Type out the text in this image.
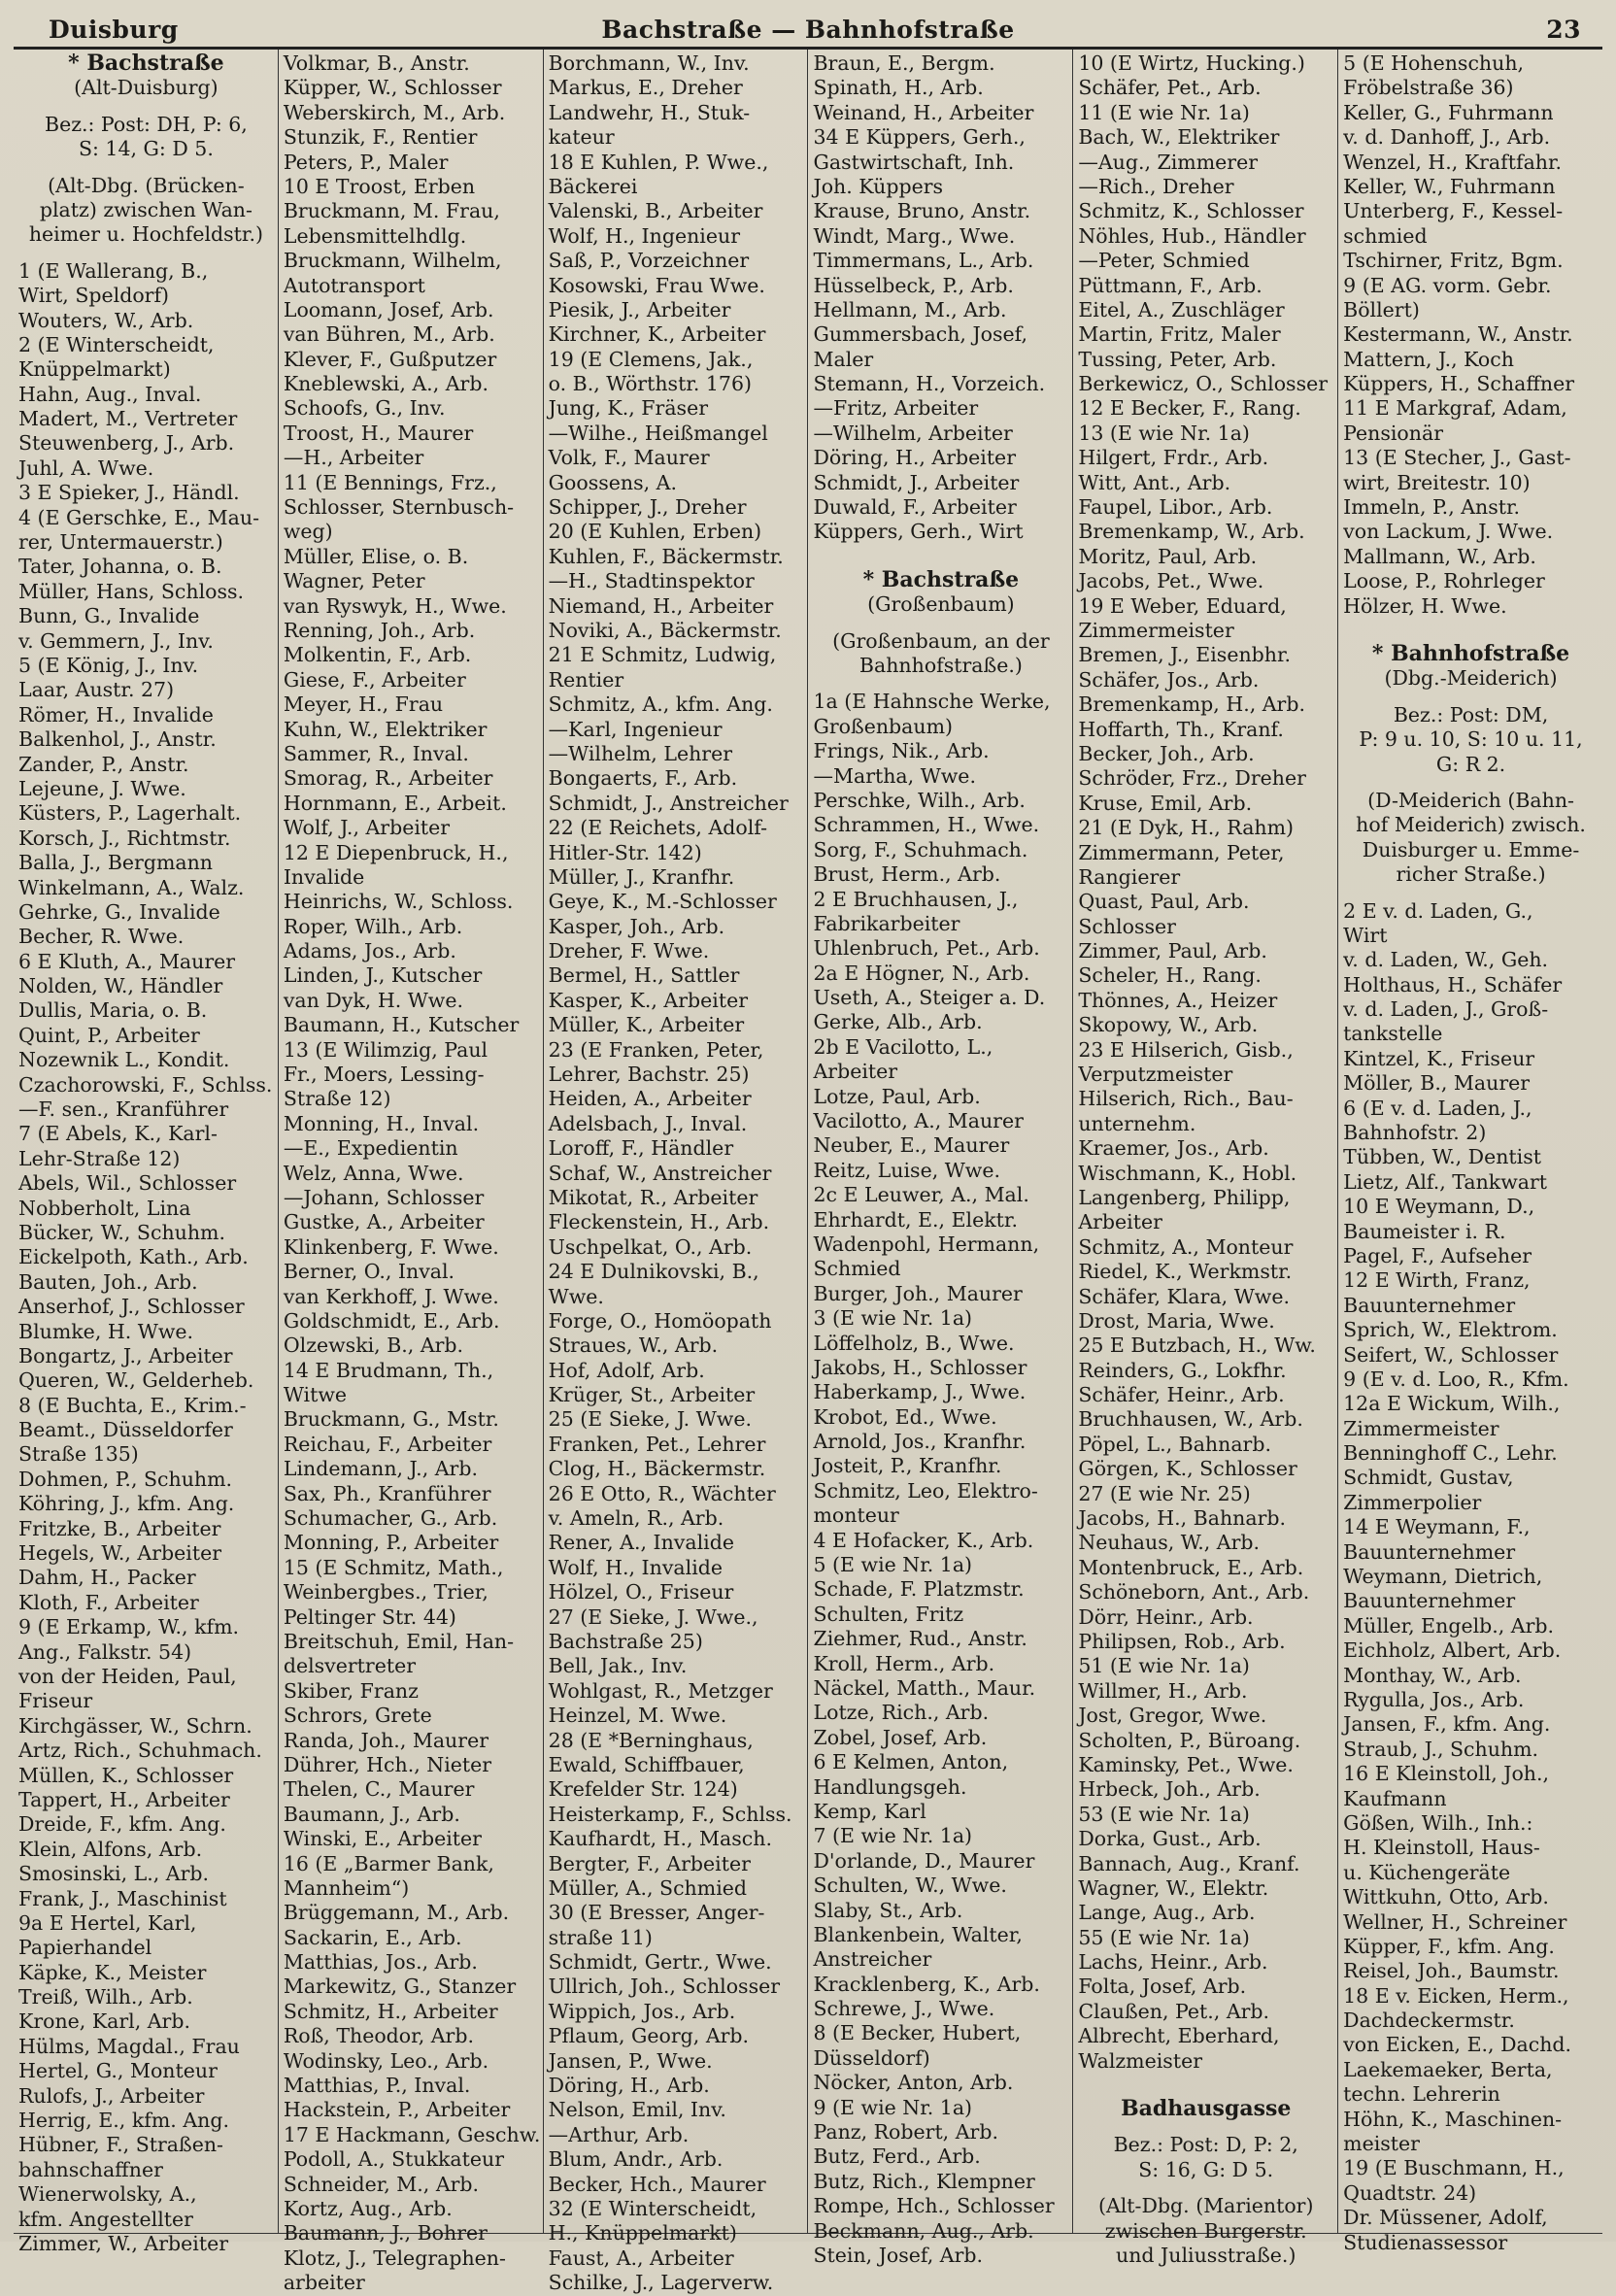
Duisburg	Bachstraße — Bahnhofstraße	23
* Bachstraße
(Alt-Duisburg)
Bez.: Post: DH, P: 6,
S: 14, G: D 5.
(Alt-Dbg. (Brücken-
platz) zwischen Wan-
heimer u. Hochfeldstr.)
1 (E Wallerang, B.,
Wirt, Speldorf)
Wouters, W., Arb.
2 (E Winterscheidt,
Knüppelmarkt)
Hahn, Aug., Inval.
Madert, M., Vertreter
Steuwenberg, J., Arb.
Juhl, A. Wwe.
3 E Spieker, J., Händl.
4 (E Gerschke, E., Mau-
rer, Untermauerstr.)
Tater, Johanna, o. B.
Müller, Hans, Schloss.
Bunn, G., Invalide
v. Gemmern, J., Inv.
5 (E König, J., Inv.
Laar, Austr. 27)
Römer, H., Invalide
Balkenhol, J., Anstr.
Zander, P., Anstr.
Lejeune, J. Wwe.
Küsters, P., Lagerhalt.
Korsch, J., Richtmstr.
Balla, J., Bergmann
Winkelmann, A., Walz.
Gehrke, G., Invalide
Becher, R. Wwe.
6 E Kluth, A., Maurer
Nolden, W., Händler
Dullis, Maria, o. B.
Quint, P., Arbeiter
Nozewnik L., Kondit.
Czachorowski, F., Schlss.
—F. sen., Kranführer
7 (E Abels, K., Karl-
Lehr-Straße 12)
Abels, Wil., Schlosser
Nobberholt, Lina
Bücker, W., Schuhm.
Eickelpoth, Kath., Arb.
Bauten, Joh., Arb.
Anserhof, J., Schlosser
Blumke, H. Wwe.
Bongartz, J., Arbeiter
Queren, W., Gelderheb.
8 (E Buchta, E., Krim.-
Beamt., Düsseldorfer
Straße 135)
Dohmen, P., Schuhm.
Köhring, J., kfm. Ang.
Fritzke, B., Arbeiter
Hegels, W., Arbeiter
Dahm, H., Packer
Kloth, F., Arbeiter
9 (E Erkamp, W., kfm.
Ang., Falkstr. 54)
von der Heiden, Paul,
Friseur
Kirchgässer, W., Schrn.
Artz, Rich., Schuhmach.
Müllen, K., Schlosser
Tappert, H., Arbeiter
Dreide, F., kfm. Ang.
Klein, Alfons, Arb.
Smosinski, L., Arb.
Frank, J., Maschinist
9a E Hertel, Karl,
Papierhandel
Käpke, K., Meister
Treiß, Wilh., Arb.
Krone, Karl, Arb.
Hülms, Magdal., Frau
Hertel, G., Monteur
Rulofs, J., Arbeiter
Herrig, E., kfm. Ang.
Hübner, F., Straßen-
bahnschaffner
Wienerwolsky, A.,
kfm. Angestellter
Zimmer, W., Arbeiter
Volkmar, B., Anstr.
Küpper, W., Schlosser
Weberskirch, M., Arb.
Stunzik, F., Rentier
Peters, P., Maler
10 E Troost, Erben
Bruckmann, M. Frau,
Lebensmittelhdlg.
Bruckmann, Wilhelm,
Autotransport
Loomann, Josef, Arb.
van Bühren, M., Arb.
Klever, F., Gußputzer
Kneblewski, A., Arb.
Schoofs, G., Inv.
Troost, H., Maurer
—H., Arbeiter
11 (E Bennings, Frz.,
Schlosser, Sternbusch-
weg)
Müller, Elise, o. B.
Wagner, Peter
van Ryswyk, H., Wwe.
Renning, Joh., Arb.
Molkentin, F., Arb.
Giese, F., Arbeiter
Meyer, H., Frau
Kuhn, W., Elektriker
Sammer, R., Inval.
Smorag, R., Arbeiter
Hornmann, E., Arbeit.
Wolf, J., Arbeiter
12 E Diepenbruck, H.,
Invalide
Heinrichs, W., Schloss.
Roper, Wilh., Arb.
Adams, Jos., Arb.
Linden, J., Kutscher
van Dyk, H. Wwe.
Baumann, H., Kutscher
13 (E Wilimzig, Paul
Fr., Moers, Lessing-
Straße 12)
Monning, H., Inval.
—E., Expedientin
Welz, Anna, Wwe.
—Johann, Schlosser
Gustke, A., Arbeiter
Klinkenberg, F. Wwe.
Berner, O., Inval.
van Kerkhoff, J. Wwe.
Goldschmidt, E., Arb.
Olzewski, B., Arb.
14 E Brudmann, Th.,
Witwe
Bruckmann, G., Mstr.
Reichau, F., Arbeiter
Lindemann, J., Arb.
Sax, Ph., Kranführer
Schumacher, G., Arb.
Monning, P., Arbeiter
15 (E Schmitz, Math.,
Weinbergbes., Trier,
Peltinger Str. 44)
Breitschuh, Emil, Han-
delsvertreter
Skiber, Franz
Schrors, Grete
Randa, Joh., Maurer
Dührer, Hch., Nieter
Thelen, C., Maurer
Baumann, J., Arb.
Winski, E., Arbeiter
16 (E „Barmer Bank,
Mannheim“)
Brüggemann, M., Arb.
Sackarin, E., Arb.
Matthias, Jos., Arb.
Markewitz, G., Stanzer
Schmitz, H., Arbeiter
Roß, Theodor, Arb.
Wodinsky, Leo., Arb.
Matthias, P., Inval.
Hackstein, P., Arbeiter
17 E Hackmann, Geschw.
Podoll, A., Stukkateur
Schneider, M., Arb.
Kortz, Aug., Arb.
Baumann, J., Bohrer
Klotz, J., Telegraphen-
arbeiter
Borchmann, W., Inv.
Markus, E., Dreher
Landwehr, H., Stuk-
kateur
18 E Kuhlen, P. Wwe.,
Bäckerei
Valenski, B., Arbeiter
Wolf, H., Ingenieur
Saß, P., Vorzeichner
Kosowski, Frau Wwe.
Piesik, J., Arbeiter
Kirchner, K., Arbeiter
19 (E Clemens, Jak.,
o. B., Wörthstr. 176)
Jung, K., Fräser
—Wilhe., Heißmangel
Volk, F., Maurer
Goossens, A.
Schipper, J., Dreher
20 (E Kuhlen, Erben)
Kuhlen, F., Bäckermstr.
—H., Stadtinspektor
Niemand, H., Arbeiter
Noviki, A., Bäckermstr.
21 E Schmitz, Ludwig,
Rentier
Schmitz, A., kfm. Ang.
—Karl, Ingenieur
—Wilhelm, Lehrer
Bongaerts, F., Arb.
Schmidt, J., Anstreicher
22 (E Reichets, Adolf-
Hitler-Str. 142)
Müller, J., Kranfhr.
Geye, K., M.-Schlosser
Kasper, Joh., Arb.
Dreher, F. Wwe.
Bermel, H., Sattler
Kasper, K., Arbeiter
Müller, K., Arbeiter
23 (E Franken, Peter,
Lehrer, Bachstr. 25)
Heiden, A., Arbeiter
Adelsbach, J., Inval.
Loroff, F., Händler
Schaf, W., Anstreicher
Mikotat, R., Arbeiter
Fleckenstein, H., Arb.
Uschpelkat, O., Arb.
24 E Dulnikovski, B.,
Wwe.
Forge, O., Homöopath
Straues, W., Arb.
Hof, Adolf, Arb.
Krüger, St., Arbeiter
25 (E Sieke, J. Wwe.
Franken, Pet., Lehrer
Clog, H., Bäckermstr.
26 E Otto, R., Wächter
v. Ameln, R., Arb.
Rener, A., Invalide
Wolf, H., Invalide
Hölzel, O., Friseur
27 (E Sieke, J. Wwe.,
Bachstraße 25)
Bell, Jak., Inv.
Wohlgast, R., Metzger
Heinzel, M. Wwe.
28 (E *Berninghaus,
Ewald, Schiffbauer,
Krefelder Str. 124)
Heisterkamp, F., Schlss.
Kaufhardt, H., Masch.
Bergter, F., Arbeiter
Müller, A., Schmied
30 (E Bresser, Anger-
straße 11)
Schmidt, Gertr., Wwe.
Ullrich, Joh., Schlosser
Wippich, Jos., Arb.
Pflaum, Georg, Arb.
Jansen, P., Wwe.
Döring, H., Arb.
Nelson, Emil, Inv.
—Arthur, Arb.
Blum, Andr., Arb.
Becker, Hch., Maurer
32 (E Winterscheidt,
H., Knüppelmarkt)
Faust, A., Arbeiter
Schilke, J., Lagerverw.
Braun, E., Bergm.
Spinath, H., Arb.
Weinand, H., Arbeiter
34 E Küppers, Gerh.,
Gastwirtschaft, Inh.
Joh. Küppers
Krause, Bruno, Anstr.
Windt, Marg., Wwe.
Timmermans, L., Arb.
Hüsselbeck, P., Arb.
Hellmann, M., Arb.
Gummersbach, Josef,
Maler
Stemann, H., Vorzeich.
—Fritz, Arbeiter
—Wilhelm, Arbeiter
Döring, H., Arbeiter
Schmidt, J., Arbeiter
Duwald, F., Arbeiter
Küppers, Gerh., Wirt
* Bachstraße
(Großenbaum)
(Großenbaum, an der
Bahnhofstraße.)
1a (E Hahnsche Werke,
Großenbaum)
Frings, Nik., Arb.
—Martha, Wwe.
Perschke, Wilh., Arb.
Schrammen, H., Wwe.
Sorg, F., Schuhmach.
Brust, Herm., Arb.
2 E Bruchhausen, J.,
Fabrikarbeiter
Uhlenbruch, Pet., Arb.
2a E Högner, N., Arb.
Useth, A., Steiger a. D.
Gerke, Alb., Arb.
2b E Vacilotto, L.,
Arbeiter
Lotze, Paul, Arb.
Vacilotto, A., Maurer
Neuber, E., Maurer
Reitz, Luise, Wwe.
2c E Leuwer, A., Mal.
Ehrhardt, E., Elektr.
Wadenpohl, Hermann,
Schmied
Burger, Joh., Maurer
3 (E wie Nr. 1a)
Löffelholz, B., Wwe.
Jakobs, H., Schlosser
Haberkamp, J., Wwe.
Krobot, Ed., Wwe.
Arnold, Jos., Kranfhr.
Josteit, P., Kranfhr.
Schmitz, Leo, Elektro-
monteur
4 E Hofacker, K., Arb.
5 (E wie Nr. 1a)
Schade, F. Platzmstr.
Schulten, Fritz
Ziehmer, Rud., Anstr.
Kroll, Herm., Arb.
Näckel, Matth., Maur.
Lotze, Rich., Arb.
Zobel, Josef, Arb.
6 E Kelmen, Anton,
Handlungsgeh.
Kemp, Karl
7 (E wie Nr. 1a)
D'orlande, D., Maurer
Schulten, W., Wwe.
Slaby, St., Arb.
Blankenbein, Walter,
Anstreicher
Kracklenberg, K., Arb.
Schrewe, J., Wwe.
8 (E Becker, Hubert,
Düsseldorf)
Nöcker, Anton, Arb.
9 (E wie Nr. 1a)
Panz, Robert, Arb.
Butz, Ferd., Arb.
Butz, Rich., Klempner
Rompe, Hch., Schlosser
Beckmann, Aug., Arb.
Stein, Josef, Arb.
10 (E Wirtz, Hucking.)
Schäfer, Pet., Arb.
11 (E wie Nr. 1a)
Bach, W., Elektriker
—Aug., Zimmerer
—Rich., Dreher
Schmitz, K., Schlosser
Nöhles, Hub., Händler
—Peter, Schmied
Püttmann, F., Arb.
Eitel, A., Zuschläger
Martin, Fritz, Maler
Tussing, Peter, Arb.
Berkewicz, O., Schlosser
12 E Becker, F., Rang.
13 (E wie Nr. 1a)
Hilgert, Frdr., Arb.
Witt, Ant., Arb.
Faupel, Libor., Arb.
Bremenkamp, W., Arb.
Moritz, Paul, Arb.
Jacobs, Pet., Wwe.
19 E Weber, Eduard,
Zimmermeister
Bremen, J., Eisenbhr.
Schäfer, Jos., Arb.
Bremenkamp, H., Arb.
Hoffarth, Th., Kranf.
Becker, Joh., Arb.
Schröder, Frz., Dreher
Kruse, Emil, Arb.
21 (E Dyk, H., Rahm)
Zimmermann, Peter,
Rangierer
Quast, Paul, Arb.
Schlosser
Zimmer, Paul, Arb.
Scheler, H., Rang.
Thönnes, A., Heizer
Skopowy, W., Arb.
23 E Hilserich, Gisb.,
Verputzmeister
Hilserich, Rich., Bau-
unternehm.
Kraemer, Jos., Arb.
Wischmann, K., Hobl.
Langenberg, Philipp,
Arbeiter
Schmitz, A., Monteur
Riedel, K., Werkmstr.
Schäfer, Klara, Wwe.
Drost, Maria, Wwe.
25 E Butzbach, H., Ww.
Reinders, G., Lokfhr.
Schäfer, Heinr., Arb.
Bruchhausen, W., Arb.
Pöpel, L., Bahnarb.
Görgen, K., Schlosser
27 (E wie Nr. 25)
Jacobs, H., Bahnarb.
Neuhaus, W., Arb.
Montenbruck, E., Arb.
Schöneborn, Ant., Arb.
Dörr, Heinr., Arb.
Philipsen, Rob., Arb.
51 (E wie Nr. 1a)
Willmer, H., Arb.
Jost, Gregor, Wwe.
Scholten, P., Büroang.
Kaminsky, Pet., Wwe.
Hrbeck, Joh., Arb.
53 (E wie Nr. 1a)
Dorka, Gust., Arb.
Bannach, Aug., Kranf.
Wagner, W., Elektr.
Lange, Aug., Arb.
55 (E wie Nr. 1a)
Lachs, Heinr., Arb.
Folta, Josef, Arb.
Claußen, Pet., Arb.
Albrecht, Eberhard,
Walzmeister
Badhausgasse
Bez.: Post: D, P: 2,
S: 16, G: D 5.
(Alt-Dbg. (Marientor)
zwischen Burgerstr.
und Juliusstraße.)
5 (E Hohenschuh,
Fröbelstraße 36)
Keller, G., Fuhrmann
v. d. Danhoff, J., Arb.
Wenzel, H., Kraftfahr.
Keller, W., Fuhrmann
Unterberg, F., Kessel-
schmied
Tschirner, Fritz, Bgm.
9 (E AG. vorm. Gebr.
Böllert)
Kestermann, W., Anstr.
Mattern, J., Koch
Küppers, H., Schaffner
11 E Markgraf, Adam,
Pensionär
13 (E Stecher, J., Gast-
wirt, Breitestr. 10)
Immeln, P., Anstr.
von Lackum, J. Wwe.
Mallmann, W., Arb.
Loose, P., Rohrleger
Hölzer, H. Wwe.
* Bahnhofstraße
(Dbg.-Meiderich)
Bez.: Post: DM,
P: 9 u. 10, S: 10 u. 11,
G: R 2.
(D-Meiderich (Bahn-
hof Meiderich) zwisch.
Duisburger u. Emme-
richer Straße.)
2 E v. d. Laden, G.,
Wirt
v. d. Laden, W., Geh.
Holthaus, H., Schäfer
v. d. Laden, J., Groß-
tankstelle
Kintzel, K., Friseur
Möller, B., Maurer
6 (E v. d. Laden, J.,
Bahnhofstr. 2)
Tübben, W., Dentist
Lietz, Alf., Tankwart
10 E Weymann, D.,
Baumeister i. R.
Pagel, F., Aufseher
12 E Wirth, Franz,
Bauunternehmer
Sprich, W., Elektrom.
Seifert, W., Schlosser
9 (E v. d. Loo, R., Kfm.
12a E Wickum, Wilh.,
Zimmermeister
Benninghoff C., Lehr.
Schmidt, Gustav,
Zimmerpolier
14 E Weymann, F.,
Bauunternehmer
Weymann, Dietrich,
Bauunternehmer
Müller, Engelb., Arb.
Eichholz, Albert, Arb.
Monthay, W., Arb.
Rygulla, Jos., Arb.
Jansen, F., kfm. Ang.
Straub, J., Schuhm.
16 E Kleinstoll, Joh.,
Kaufmann
Gößen, Wilh., Inh.:
H. Kleinstoll, Haus-
u. Küchengeräte
Wittkuhn, Otto, Arb.
Wellner, H., Schreiner
Küpper, F., kfm. Ang.
Reisel, Joh., Baumstr.
18 E v. Eicken, Herm.,
Dachdeckermstr.
von Eicken, E., Dachd.
Laekemaeker, Berta,
techn. Lehrerin
Höhn, K., Maschinen-
meister
19 (E Buschmann, H.,
Quadtstr. 24)
Dr. Müssener, Adolf,
Studienassessor
